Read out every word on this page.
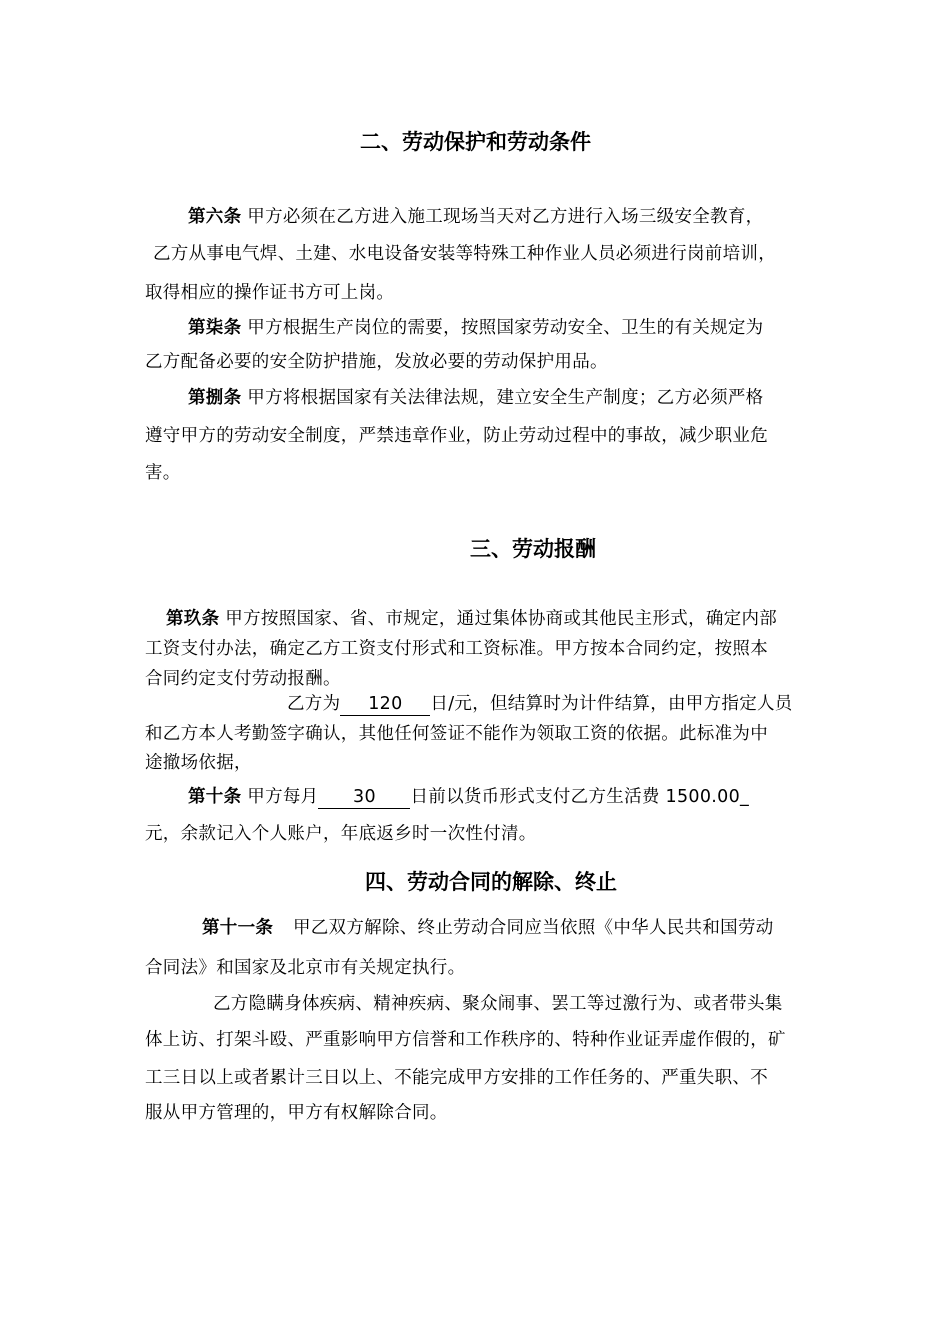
二、劳动保护和劳动条件
第六条 甲方必须在乙方进入施工现场当天对乙方进行入场三级安全教育，
乙方从事电气焊、土建、水电设备安装等特殊工种作业人员必须进行岗前培训，
取得相应的操作证书方可上岗。
第柒条 甲方根据生产岗位的需要，按照国家劳动安全、卫生的有关规定为
乙方配备必要的安全防护措施，发放必要的劳动保护用品。
第捌条 甲方将根据国家有关法律法规，建立安全生产制度；乙方必须严格
遵守甲方的劳动安全制度，严禁违章作业，防止劳动过程中的事故，减少职业危
害。
三、劳动报酬
第玖条 甲方按照国家、省、市规定，通过集体协商或其他民主形式，确定内部
工资支付办法，确定乙方工资支付形式和工资标准。甲方按本合同约定，按照本
合同约定支付劳动报酬。
乙方为 120 日/元，但结算时为计件结算，由甲方指定人员
和乙方本人考勤签字确认，其他任何签证不能作为领取工资的依据。此标准为中
途撤场依据，
第十条 甲方每月 30 日前以货币形式支付乙方生活费 1500.00_
元，余款记入个人账户，年底返乡时一次性付清。
四、劳动合同的解除、终止
第十一条 甲乙双方解除、终止劳动合同应当依照《中华人民共和国劳动
合同法》和国家及北京市有关规定执行。
乙方隐瞒身体疾病、精神疾病、聚众闹事、罢工等过激行为、或者带头集
体上访、打架斗殴、严重影响甲方信誉和工作秩序的、特种作业证弄虚作假的，矿
工三日以上或者累计三日以上、不能完成甲方安排的工作任务的、严重失职、不
服从甲方管理的，甲方有权解除合同。
